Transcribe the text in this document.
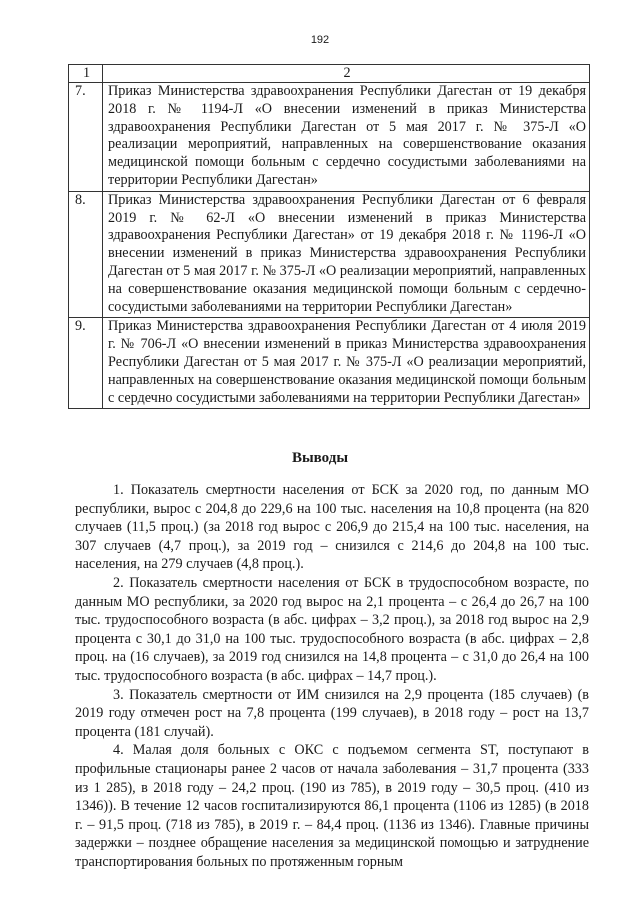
192
1	2
7.	Приказ Министерства здравоохранения Республики Дагестан от 19 декабря 2018 г. № 1194-Л «О внесении изменений в приказ Министерства здравоохранения Республики Дагестан от 5 мая 2017 г. № 375-Л «О реализации мероприятий, направленных на совершенствование оказания медицинской помощи больным с сердечно сосудистыми заболеваниями на территории Республики Дагестан»
8.	Приказ Министерства здравоохранения Республики Дагестан от 6 февраля 2019 г. № 62-Л «О внесении изменений в приказ Министерства здравоохранения Республики Дагестан» от 19 декабря 2018 г. № 1196-Л «О внесении изменений в приказ Министерства здравоохранения Республики Дагестан от 5 мая 2017 г. № 375-Л «О реализации мероприятий, направленных на совершенствование оказания медицинской помощи больным с сердечно-сосудистыми заболеваниями на территории Республики Дагестан»
9.	Приказ Министерства здравоохранения Республики Дагестан от 4 июля 2019 г. № 706-Л «О внесении изменений в приказ Министерства здравоохранения Республики Дагестан от 5 мая 2017 г. № 375-Л «О реализации мероприятий, направленных на совершенствование оказания медицинской помощи больным с сердечно сосудистыми заболеваниями на территории Республики Дагестан»
Выводы

1. Показатель смертности населения от БСК за 2020 год, по данным МО республики, вырос с 204,8 до 229,6 на 100 тыс. населения на 10,8 процента (на 820 случаев (11,5 проц.) (за 2018 год вырос с 206,9 до 215,4 на 100 тыс. населения, на 307 случаев (4,7 проц.), за 2019 год – снизился с 214,6 до 204,8 на 100 тыс. населения, на 279 случаев (4,8 проц.).

2. Показатель смертности населения от БСК в трудоспособном возрасте, по данным МО республики, за 2020 год вырос на 2,1 процента – с 26,4 до 26,7 на 100 тыс. трудоспособного возраста (в абс. цифрах – 3,2 проц.), за 2018 год вырос на 2,9 процента с 30,1 до 31,0 на 100 тыс. трудоспособного возраста (в абс. цифрах – 2,8 проц. на (16 случаев), за 2019 год снизился на 14,8 процента – с 31,0 до 26,4 на 100 тыс. трудоспособного возраста (в абс. цифрах – 14,7 проц.).

3. Показатель смертности от ИМ снизился на 2,9 процента (185 случаев) (в 2019 году отмечен рост на 7,8 процента (199 случаев), в 2018 году – рост на 13,7 процента (181 случай).

4. Малая доля больных с ОКС с подъемом сегмента ST, поступают в профильные стационары ранее 2 часов от начала заболевания – 31,7 процента (333 из 1 285), в 2018 году – 24,2 проц. (190 из 785), в 2019 году – 30,5 проц. (410 из 1346)). В течение 12 часов госпитализируются 86,1 процента (1106 из 1285) (в 2018 г. – 91,5 проц. (718 из 785), в 2019 г. – 84,4 проц. (1136 из 1346). Главные причины задержки – позднее обращение населения за медицинской помощью и затруднение транспортирования больных по протяженным горным
